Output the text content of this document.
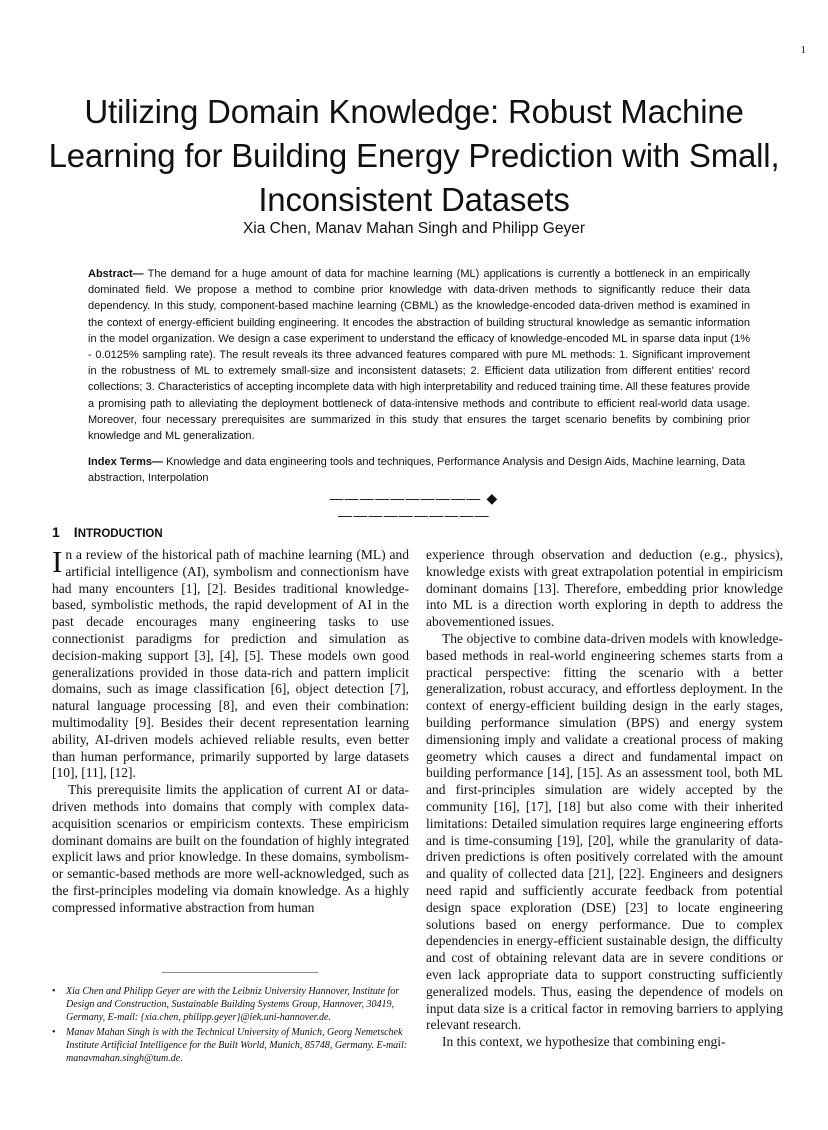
1
Utilizing Domain Knowledge: Robust Machine Learning for Building Energy Prediction with Small, Inconsistent Datasets
Xia Chen, Manav Mahan Singh and Philipp Geyer
Abstract— The demand for a huge amount of data for machine learning (ML) applications is currently a bottleneck in an empirically dominated field. We propose a method to combine prior knowledge with data-driven methods to significantly reduce their data dependency. In this study, component-based machine learning (CBML) as the knowledge-encoded data-driven method is examined in the context of energy-efficient building engineering. It encodes the abstraction of building structural knowledge as semantic information in the model organization. We design a case experiment to understand the efficacy of knowledge-encoded ML in sparse data input (1% - 0.0125% sampling rate). The result reveals its three advanced features compared with pure ML methods: 1. Significant improvement in the robustness of ML to extremely small-size and inconsistent datasets; 2. Efficient data utilization from different entities' record collections; 3. Characteristics of accepting incomplete data with high interpretability and reduced training time. All these features provide a promising path to alleviating the deployment bottleneck of data-intensive methods and contribute to efficient real-world data usage. Moreover, four necessary prerequisites are summarized in this study that ensures the target scenario benefits by combining prior knowledge and ML generalization.
Index Terms— Knowledge and data engineering tools and techniques, Performance Analysis and Design Aids, Machine learning, Data abstraction, Interpolation
—————————— ◆ ——————————
1 INTRODUCTION

In a review of the historical path of machine learning (ML) and artificial intelligence (AI), symbolism and connectionism have had many encounters [1], [2]. Besides traditional knowledge-based, symbolistic methods, the rapid development of AI in the past decade encourages many engineering tasks to use connectionist paradigms for prediction and simulation as decision-making support [3], [4], [5]. These models own good generalizations provided in those data-rich and pattern implicit domains, such as image classification [6], object detection [7], natural language processing [8], and even their combination: multimodality [9]. Besides their decent representation learning ability, AI-driven models achieved reliable results, even better than human performance, primarily supported by large datasets [10], [11], [12].

This prerequisite limits the application of current AI or data-driven methods into domains that comply with complex data-acquisition scenarios or empiricism contexts. These empiricism dominant domains are built on the foundation of highly integrated explicit laws and prior knowledge. In these domains, symbolism- or semantic-based methods are more well-acknowledged, such as the first-principles modeling via domain knowledge. As a highly compressed informative abstraction from human

experience through observation and deduction (e.g., physics), knowledge exists with great extrapolation potential in empiricism dominant domains [13]. Therefore, embedding prior knowledge into ML is a direction worth exploring in depth to address the abovementioned issues.

The objective to combine data-driven models with knowledge-based methods in real-world engineering schemes starts from a practical perspective: fitting the scenario with a better generalization, robust accuracy, and effortless deployment. In the context of energy-efficient building design in the early stages, building performance simulation (BPS) and energy system dimensioning imply and validate a creational process of making geometry which causes a direct and fundamental impact on building performance [14], [15]. As an assessment tool, both ML and first-principles simulation are widely accepted by the community [16], [17], [18] but also come with their inherited limitations: Detailed simulation requires large engineering efforts and is time-consuming [19], [20], while the granularity of data-driven predictions is often positively correlated with the amount and quality of collected data [21], [22]. Engineers and designers need rapid and sufficiently accurate feedback from potential design space exploration (DSE) [23] to locate engineering solutions based on energy performance. Due to complex dependencies in energy-efficient sustainable design, the difficulty and cost of obtaining relevant data are in severe conditions or even lack appropriate data to support constructing sufficiently generalized models. Thus, easing the dependence of models on input data size is a critical factor in removing barriers to applying relevant research.

In this context, we hypothesize that combining engi-

• Xia Chen and Philipp Geyer are with the Leibniz University Hannover, Institute for Design and Construction, Sustainable Building Systems Group, Hannover, 30419, Germany, E-mail: {xia.chen, philipp.geyer}@iek.uni-hannover.de.
• Manav Mahan Singh is with the Technical University of Munich, Georg Nemetschek Institute Artificial Intelligence for the Built World, Munich, 85748, Germany. E-mail: manavmahan.singh@tum.de.
